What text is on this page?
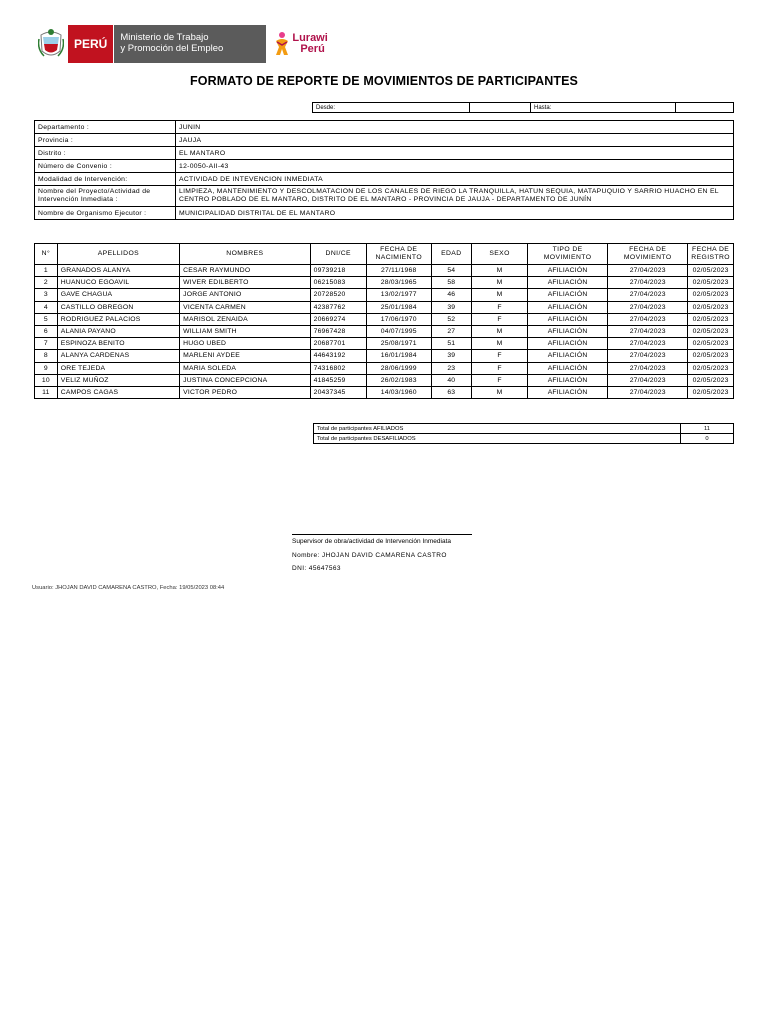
PERÚ	Ministerio de Trabajo
y Promoción del Empleo
Lurawi
Perú
FORMATO DE REPORTE DE MOVIMIENTOS DE PARTICIPANTES
Desde:		Hasta:	
Departamento :	JUNIN
Provincia :	JAUJA
Distrito :	EL MANTARO
Número de Convenio :	12-0050-AII-43
Modalidad de Intervención:	ACTIVIDAD DE INTEVENCION INMEDIATA
Nombre del Proyecto/Actividad de Intervención Inmediata :	LIMPIEZA, MANTENIMIENTO Y DESCOLMATACION DE LOS CANALES DE RIEGO LA TRANQUILLA, HATUN SEQUIA, MATAPUQUIO Y SARRIO HUACHO EN EL CENTRO POBLADO DE EL MANTARO, DISTRITO DE EL MANTARO - PROVINCIA DE JAUJA - DEPARTAMENTO DE JUNÍN
Nombre de Organismo Ejecutor :	MUNICIPALIDAD DISTRITAL DE EL MANTARO
N°	APELLIDOS	NOMBRES	DNI/CE	FECHA DE NACIMIENTO	EDAD	SEXO	TIPO DE MOVIMIENTO	FECHA DE MOVIMIENTO	FECHA DE REGISTRO
1	GRANADOS ALANYA	CESAR RAYMUNDO	09739218	27/11/1968	54	M	AFILIACIÓN	27/04/2023	02/05/2023
2	HUANUCO EGOAVIL	WIVER EDILBERTO	06215083	28/03/1965	58	M	AFILIACIÓN	27/04/2023	02/05/2023
3	GAVE CHAGUA	JORGE ANTONIO	20728520	13/02/1977	46	M	AFILIACIÓN	27/04/2023	02/05/2023
4	CASTILLO OBREGON	VICENTA CARMEN	42387762	25/01/1984	39	F	AFILIACIÓN	27/04/2023	02/05/2023
5	RODRIGUEZ PALACIOS	MARISOL ZENAIDA	20669274	17/06/1970	52	F	AFILIACIÓN	27/04/2023	02/05/2023
6	ALANIA PAYANO	WILLIAM SMITH	76967428	04/07/1995	27	M	AFILIACIÓN	27/04/2023	02/05/2023
7	ESPINOZA BENITO	HUGO UBED	20687701	25/08/1971	51	M	AFILIACIÓN	27/04/2023	02/05/2023
8	ALANYA CARDENAS	MARLENI AYDEE	44643192	16/01/1984	39	F	AFILIACIÓN	27/04/2023	02/05/2023
9	ORE TEJEDA	MARIA SOLEDA	74316802	28/06/1999	23	F	AFILIACIÓN	27/04/2023	02/05/2023
10	VELIZ MUÑOZ	JUSTINA CONCEPCIONA	41845259	26/02/1983	40	F	AFILIACIÓN	27/04/2023	02/05/2023
11	CAMPOS CAGAS	VICTOR PEDRO	20437345	14/03/1960	63	M	AFILIACIÓN	27/04/2023	02/05/2023
Total de participantes AFILIADOS	11
Total de participantes DESAFILIADOS	0
Supervisor de obra/actividad de Intervención Inmediata
Nombre: JHOJAN DAVID CAMARENA CASTRO
DNI: 45647563
Usuario: JHOJAN DAVID CAMARENA CASTRO, Fecha: 19/05/2023 08:44
